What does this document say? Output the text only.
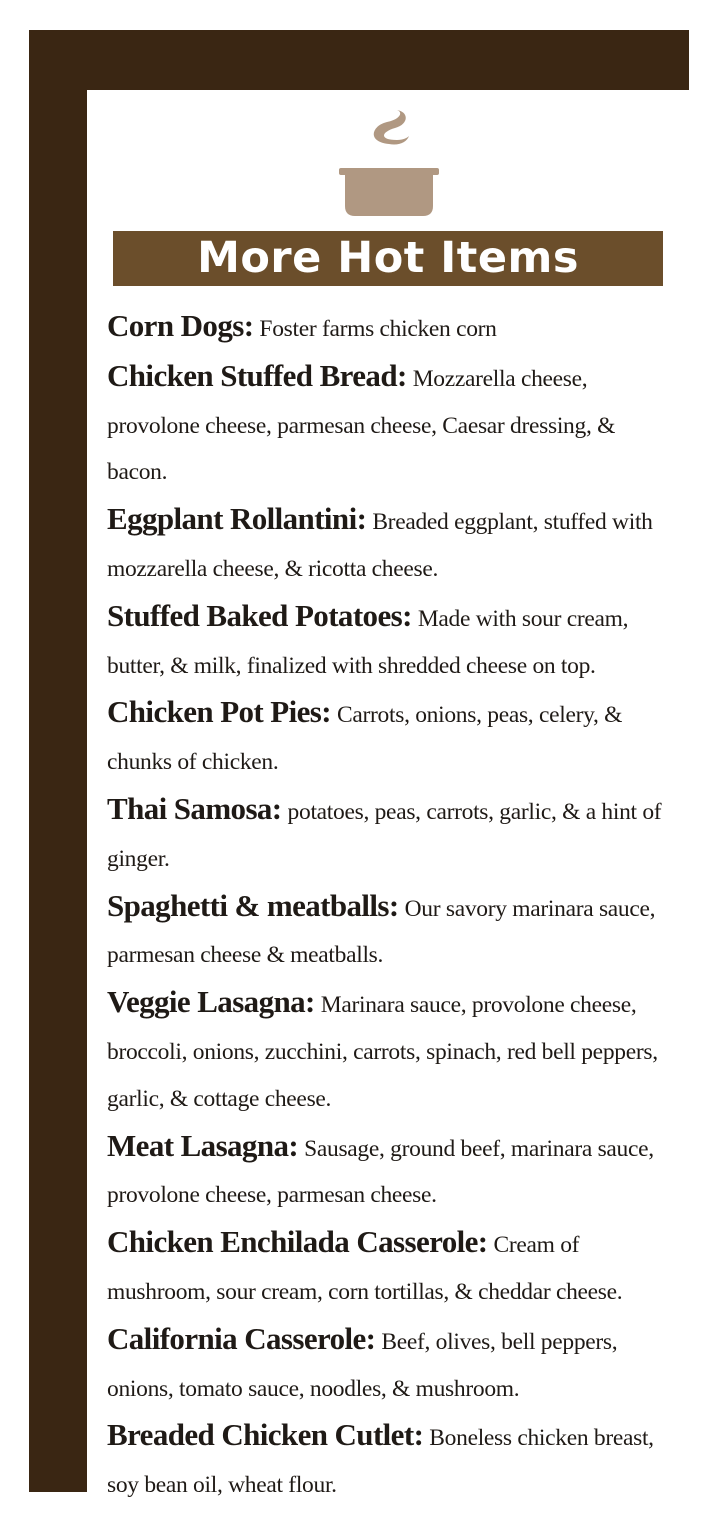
More Hot Items
Corn Dogs: Foster farms chicken corn
Chicken Stuffed Bread: Mozzarella cheese, provolone cheese, parmesan cheese, Caesar dressing, & bacon.
Eggplant Rollantini: Breaded eggplant, stuffed with mozzarella cheese, & ricotta cheese.
Stuffed Baked Potatoes: Made with sour cream, butter, & milk, finalized with shredded cheese on top.
Chicken Pot Pies: Carrots, onions, peas, celery, & chunks of chicken.
Thai Samosa: potatoes, peas, carrots, garlic, & a hint of ginger.
Spaghetti & meatballs: Our savory marinara sauce, parmesan cheese & meatballs.
Veggie Lasagna: Marinara sauce, provolone cheese, broccoli, onions, zucchini, carrots, spinach, red bell peppers, garlic, & cottage cheese.
Meat Lasagna: Sausage, ground beef, marinara sauce, provolone cheese, parmesan cheese.
Chicken Enchilada Casserole: Cream of mushroom, sour cream, corn tortillas, & cheddar cheese.
California Casserole: Beef, olives, bell peppers, onions, tomato sauce, noodles, & mushroom.
Breaded Chicken Cutlet: Boneless chicken breast, soy bean oil, wheat flour.
